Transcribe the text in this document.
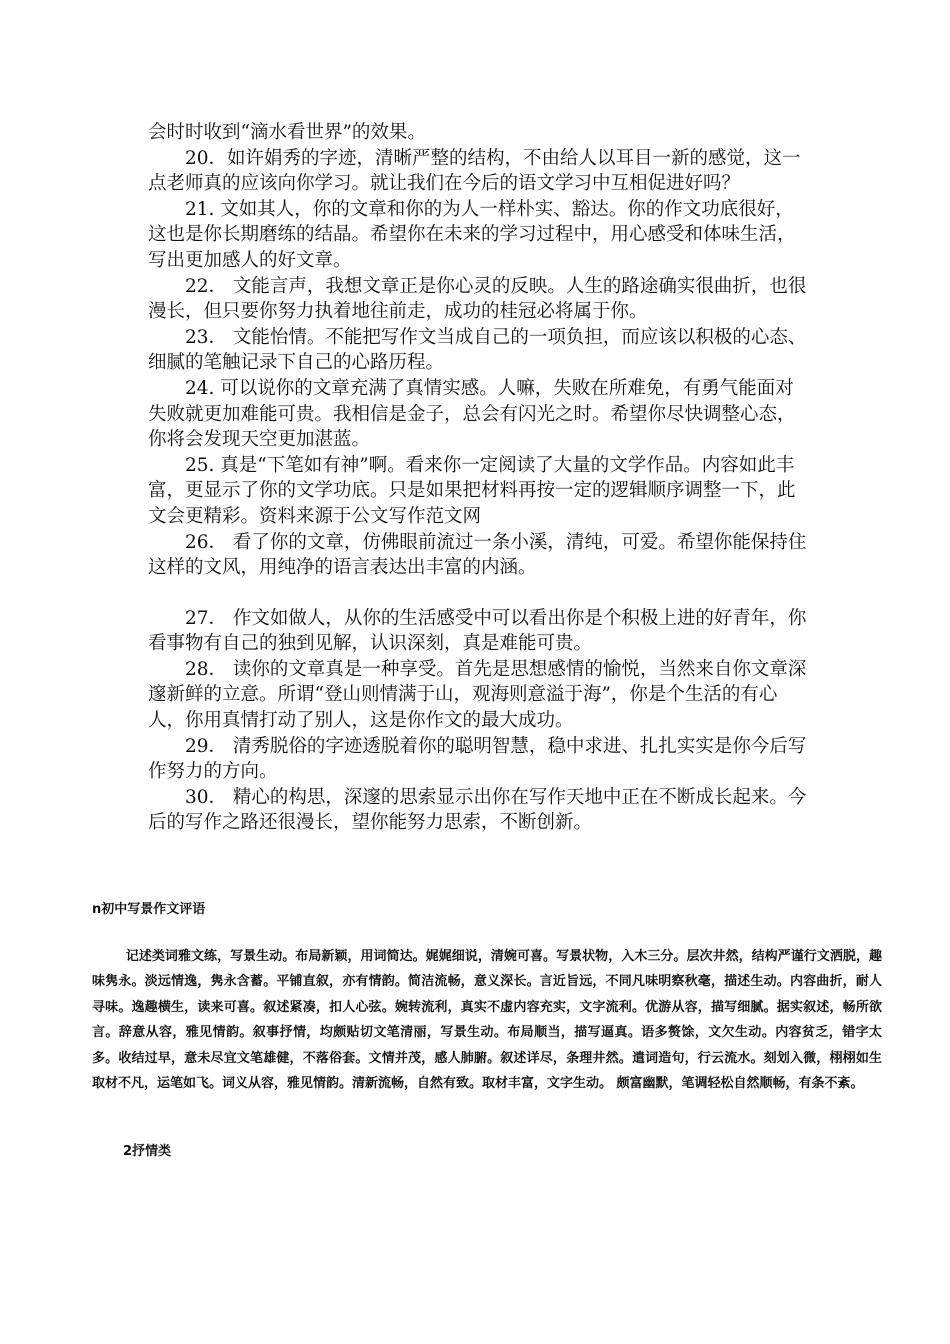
会时时收到“滴水看世界”的效果。

20．如许娟秀的字迹，清晰严整的结构，不由给人以耳目一新的感觉，这一点老师真的应该向你学习。就让我们在今后的语文学习中互相促进好吗？

21. 文如其人，你的文章和你的为人一样朴实、豁达。你的作文功底很好，这也是你长期磨练的结晶。希望你在未来的学习过程中，用心感受和体味生活，写出更加感人的好文章。

22． 文能言声，我想文章正是你心灵的反映。人生的路途确实很曲折，也很漫长，但只要你努力执着地往前走，成功的桂冠必将属于你。

23． 文能怡情。不能把写作文当成自己的一项负担，而应该以积极的心态、细腻的笔触记录下自己的心路历程。

24. 可以说你的文章充满了真情实感。人嘛，失败在所难免，有勇气能面对失败就更加难能可贵。我相信是金子，总会有闪光之时。希望你尽快调整心态，你将会发现天空更加湛蓝。

25. 真是“下笔如有神”啊。看来你一定阅读了大量的文学作品。内容如此丰富，更显示了你的文学功底。只是如果把材料再按一定的逻辑顺序调整一下，此文会更精彩。资料来源于公文写作范文网

26． 看了你的文章，仿佛眼前流过一条小溪，清纯，可爱。希望你能保持住这样的文风，用纯净的语言表达出丰富的内涵。

27． 作文如做人，从你的生活感受中可以看出你是个积极上进的好青年，你看事物有自己的独到见解，认识深刻，真是难能可贵。

28． 读你的文章真是一种享受。首先是思想感情的愉悦，当然来自你文章深邃新鲜的立意。所谓“登山则情满于山，观海则意溢于海”，你是个生活的有心人，你用真情打动了别人，这是你作文的最大成功。

29． 清秀脱俗的字迹透脱着你的聪明智慧，稳中求进、扎扎实实是你今后写作努力的方向。

30． 精心的构思，深邃的思索显示出你在写作天地中正在不断成长起来。今后的写作之路还很漫长，望你能努力思索，不断创新。

n初中写景作文评语

记述类词雅文练，写景生动。布局新颖，用词简达。娓娓细说，清婉可喜。写景状物，入木三分。层次井然，结构严谨行文洒脱，趣味隽永。淡远情逸，隽永含蓄。平铺直叙，亦有情韵。简洁流畅，意义深长。言近旨远，不同凡味明察秋毫，描述生动。内容曲折，耐人寻味。逸趣横生，读来可喜。叙述紧凑，扣人心弦。婉转流利，真实不虚内容充实，文字流利。优游从容，描写细腻。据实叙述，畅所欲言。辞意从容，雅见情韵。叙事抒情，均颇贴切文笔清丽，写景生动。布局顺当，描写逼真。语多赘馀，文欠生动。内容贫乏，错字太多。收结过早，意未尽宜文笔雄健，不落俗套。文情并茂，感人肺腑。叙述详尽，条理井然。遣词造句，行云流水。刻划入微，栩栩如生取材不凡，运笔如飞。词义从容，雅见情韵。清新流畅，自然有致。取材丰富，文字生动。 颇富幽默，笔调轻松自然顺畅，有条不紊。

2抒情类
